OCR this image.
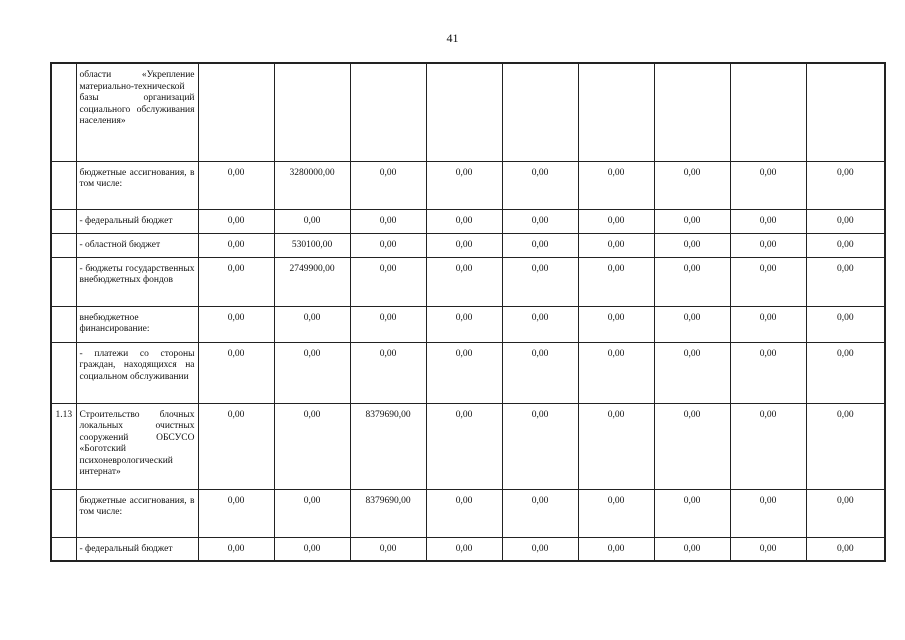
41
	области «Укрепление материально-технической базы организаций социального обслуживания населения»									
	бюджетные ассигнования, в том числе:	0,00	3280000,00	0,00	0,00	0,00	0,00	0,00	0,00	0,00
	- федеральный бюджет	0,00	0,00	0,00	0,00	0,00	0,00	0,00	0,00	0,00
	- областной бюджет	0,00	530100,00	0,00	0,00	0,00	0,00	0,00	0,00	0,00
	- бюджеты государственных внебюджетных фондов	0,00	2749900,00	0,00	0,00	0,00	0,00	0,00	0,00	0,00
	внебюджетное финансирование:	0,00	0,00	0,00	0,00	0,00	0,00	0,00	0,00	0,00
	- платежи со стороны граждан, находящихся на социальном обслуживании	0,00	0,00	0,00	0,00	0,00	0,00	0,00	0,00	0,00
1.13	Строительство блочных локальных очистных сооружений ОБСУСО «Боготский психоневрологический интернат»	0,00	0,00	8379690,00	0,00	0,00	0,00	0,00	0,00	0,00
	бюджетные ассигнования, в том числе:	0,00	0,00	8379690,00	0,00	0,00	0,00	0,00	0,00	0,00
	- федеральный бюджет	0,00	0,00	0,00	0,00	0,00	0,00	0,00	0,00	0,00
